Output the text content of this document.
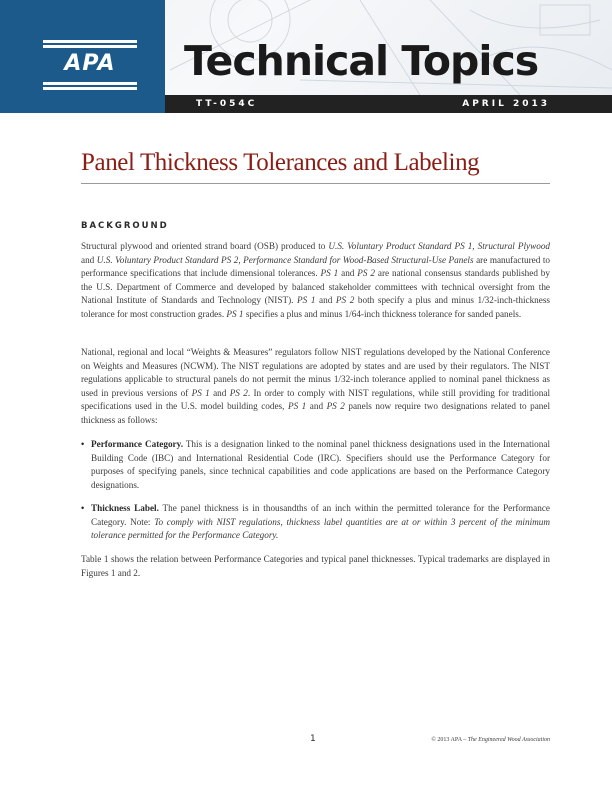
APA	Technical Topics
TT-054C	APRIL 2013
Panel Thickness Tolerances and Labeling
BACKGROUND

Structural plywood and oriented strand board (OSB) produced to U.S. Voluntary Product Standard PS 1, Structural Plywood and U.S. Voluntary Product Standard PS 2, Performance Standard for Wood-Based Structural-Use Panels are manufactured to performance specifications that include dimensional tolerances. PS 1 and PS 2 are national consensus standards published by the U.S. Department of Commerce and developed by balanced stakeholder committees with technical oversight from the National Institute of Standards and Technology (NIST). PS 1 and PS 2 both specify a plus and minus 1/32-inch-thickness tolerance for most construction grades. PS 1 specifies a plus and minus 1/64-inch thickness tolerance for sanded panels.

National, regional and local “Weights & Measures” regulators follow NIST regulations developed by the National Conference on Weights and Measures (NCWM). The NIST regulations are adopted by states and are used by their regulators. The NIST regulations applicable to structural panels do not permit the minus 1/32-inch tolerance applied to nominal panel thickness as used in previous versions of PS 1 and PS 2. In order to comply with NIST regulations, while still providing for traditional specifications used in the U.S. model building codes, PS 1 and PS 2 panels now require two designations related to panel thickness as follows:

• Performance Category. This is a designation linked to the nominal panel thickness designations used in the International Building Code (IBC) and International Residential Code (IRC). Specifiers should use the Performance Category for purposes of specifying panels, since technical capabilities and code applications are based on the Performance Category designations.
• Thickness Label. The panel thickness is in thousandths of an inch within the permitted tolerance for the Performance Category. Note: To comply with NIST regulations, thickness label quantities are at or within 3 percent of the minimum tolerance permitted for the Performance Category.

Table 1 shows the relation between Performance Categories and typical panel thicknesses. Typical trademarks are displayed in Figures 1 and 2.

1	© 2013 APA – The Engineered Wood Association
